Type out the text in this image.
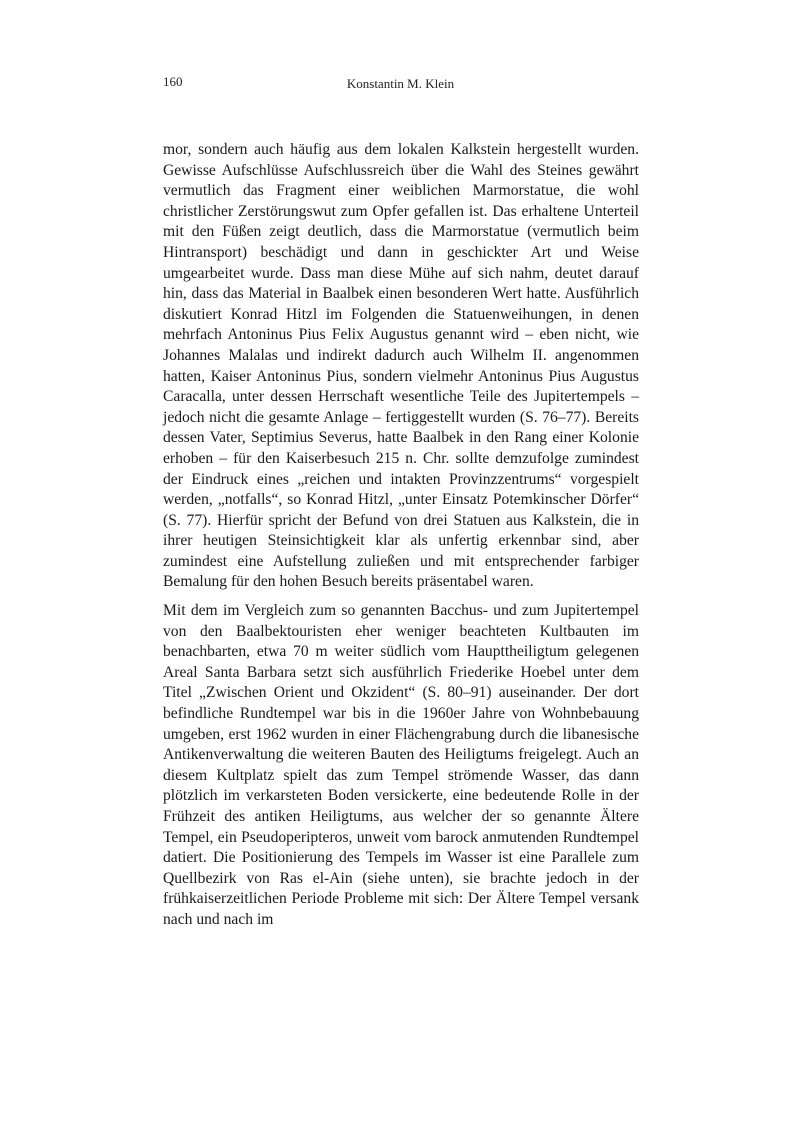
160	Konstantin M. Klein

mor, sondern auch häufig aus dem lokalen Kalkstein hergestellt wurden. Gewisse Aufschlüsse Aufschlussreich über die Wahl des Steines gewährt vermutlich das Fragment einer weiblichen Marmorstatue, die wohl christlicher Zerstörungswut zum Opfer gefallen ist. Das erhaltene Unterteil mit den Füßen zeigt deutlich, dass die Marmorstatue (vermutlich beim Hintransport) beschädigt und dann in geschickter Art und Weise umgearbeitet wurde. Dass man diese Mühe auf sich nahm, deutet darauf hin, dass das Material in Baalbek einen besonderen Wert hatte. Ausführlich diskutiert Konrad Hitzl im Folgenden die Statuenweihungen, in denen mehrfach Antoninus Pius Felix Augustus genannt wird – eben nicht, wie Johannes Malalas und indirekt dadurch auch Wilhelm II. angenommen hatten, Kaiser Antoninus Pius, sondern vielmehr Antoninus Pius Augustus Caracalla, unter dessen Herrschaft wesentliche Teile des Jupitertempels – jedoch nicht die gesamte Anlage – fertiggestellt wurden (S. 76–77). Bereits dessen Vater, Septimius Severus, hatte Baalbek in den Rang einer Kolonie erhoben – für den Kaiserbesuch 215 n. Chr. sollte demzufolge zumindest der Eindruck eines „reichen und intakten Provinzzentrums“ vorgespielt werden, „notfalls“, so Konrad Hitzl, „unter Einsatz Potemkinscher Dörfer“ (S. 77). Hierfür spricht der Befund von drei Statuen aus Kalkstein, die in ihrer heutigen Steinsichtigkeit klar als unfertig erkennbar sind, aber zumindest eine Aufstellung zuließen und mit entsprechender farbiger Bemalung für den hohen Besuch bereits präsentabel waren.

Mit dem im Vergleich zum so genannten Bacchus- und zum Jupitertempel von den Baalbektouristen eher weniger beachteten Kultbauten im benachbarten, etwa 70 m weiter südlich vom Haupttheiligtum gelegenen Areal Santa Barbara setzt sich ausführlich Friederike Hoebel unter dem Titel „Zwischen Orient und Okzident“ (S. 80–91) auseinander. Der dort befindliche Rundtempel war bis in die 1960er Jahre von Wohnbebauung umgeben, erst 1962 wurden in einer Flächengrabung durch die libanesische Antikenverwaltung die weiteren Bauten des Heiligtums freigelegt. Auch an diesem Kultplatz spielt das zum Tempel strömende Wasser, das dann plötzlich im verkarsteten Boden versickerte, eine bedeutende Rolle in der Frühzeit des antiken Heiligtums, aus welcher der so genannte Ältere Tempel, ein Pseudoperipteros, unweit vom barock anmutenden Rundtempel datiert. Die Positionierung des Tempels im Wasser ist eine Parallele zum Quellbezirk von Ras el-Ain (siehe unten), sie brachte jedoch in der frühkaiserzeitlichen Periode Probleme mit sich: Der Ältere Tempel versank nach und nach im
